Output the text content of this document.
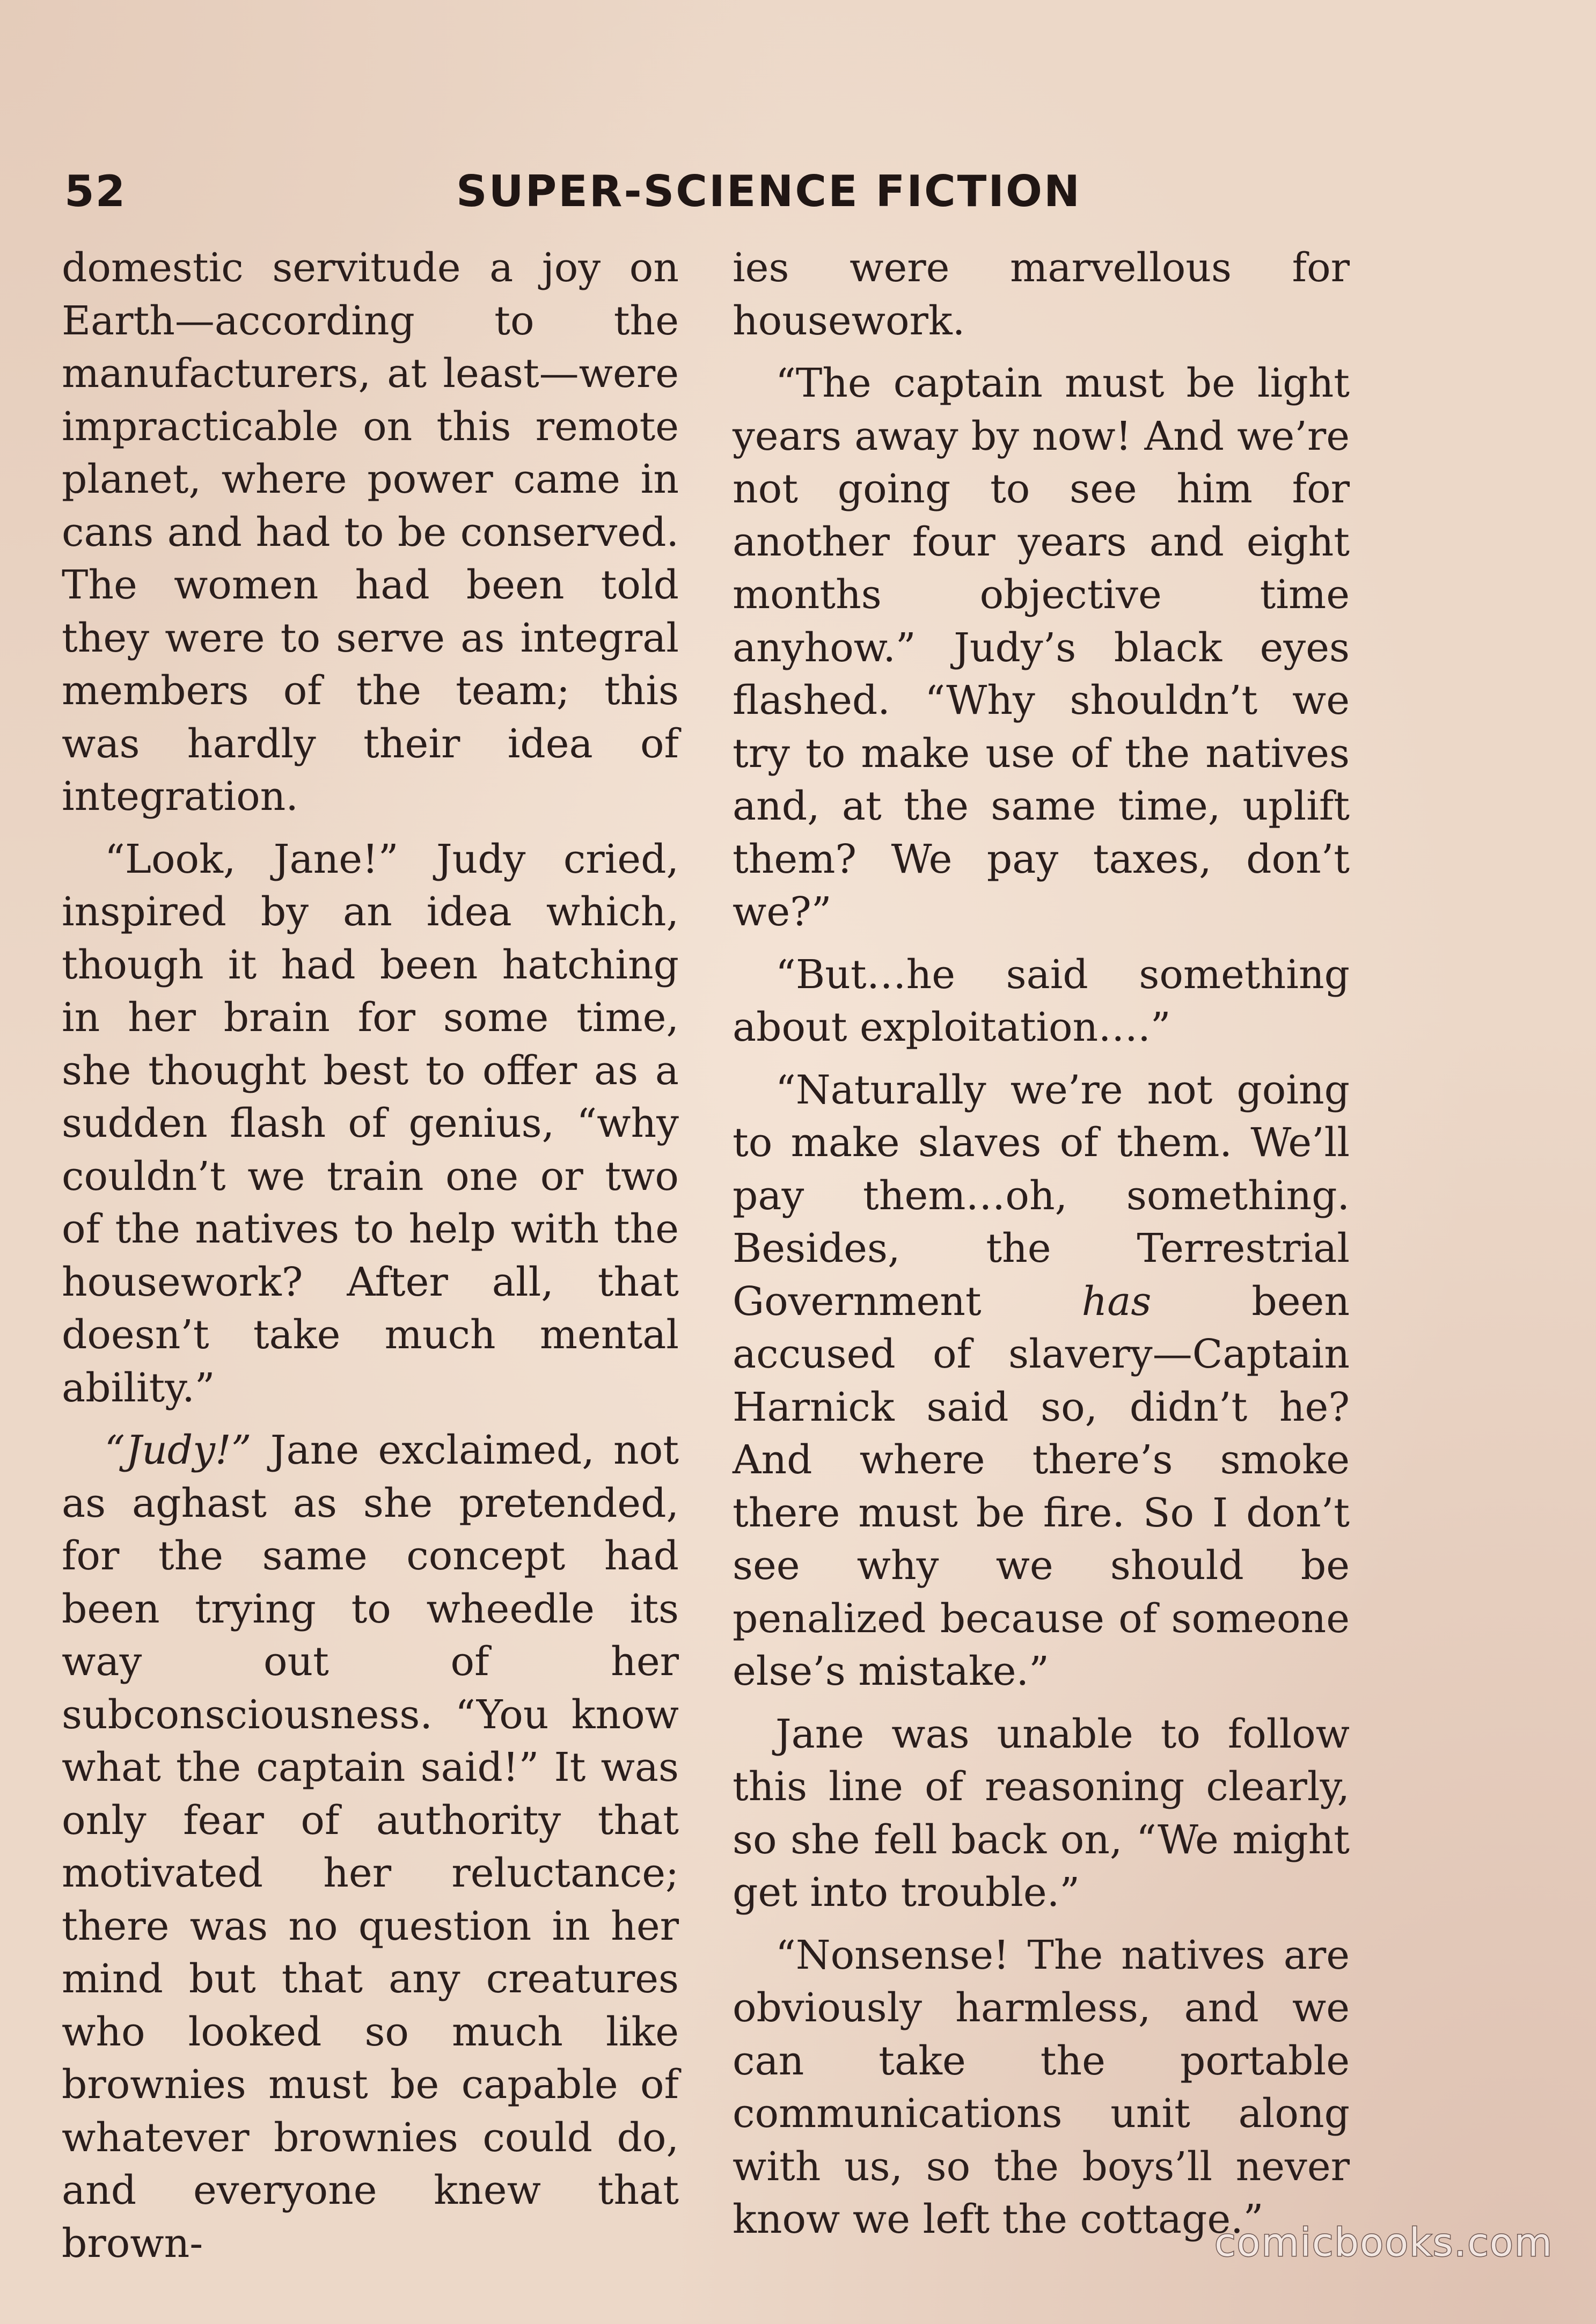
52	SUPER-SCIENCE FICTION

domestic servitude a joy on Earth—according to the manufacturers, at least—were impracticable on this remote planet, where power came in cans and had to be conserved. The women had been told they were to serve as integral members of the team; this was hardly their idea of integration.

“Look, Jane!” Judy cried, inspired by an idea which, though it had been hatching in her brain for some time, she thought best to offer as a sudden flash of genius, “why couldn’t we train one or two of the natives to help with the housework? After all, that doesn’t take much mental ability.”

“Judy!” Jane exclaimed, not as aghast as she pretended, for the same concept had been trying to wheedle its way out of her subconsciousness. “You know what the captain said!” It was only fear of authority that motivated her reluctance; there was no question in her mind but that any creatures who looked so much like brownies must be capable of whatever brownies could do, and everyone knew that brown-

ies were marvellous for housework.

“The captain must be light years away by now! And we’re not going to see him for another four years and eight months objective time anyhow.” Judy’s black eyes flashed. “Why shouldn’t we try to make use of the natives and, at the same time, uplift them? We pay taxes, don’t we?”

“But…he said something about exploitation….”

“Naturally we’re not going to make slaves of them. We’ll pay them…oh, something. Besides, the Terrestrial Government has been accused of slavery—Captain Harnick said so, didn’t he? And where there’s smoke there must be fire. So I don’t see why we should be penalized because of someone else’s mistake.”

Jane was unable to follow this line of reasoning clearly, so she fell back on, “We might get into trouble.”

“Nonsense! The natives are obviously harmless, and we can take the portable communications unit along with us, so the boys’ll never know we left the cottage.”

comicbooks.com
